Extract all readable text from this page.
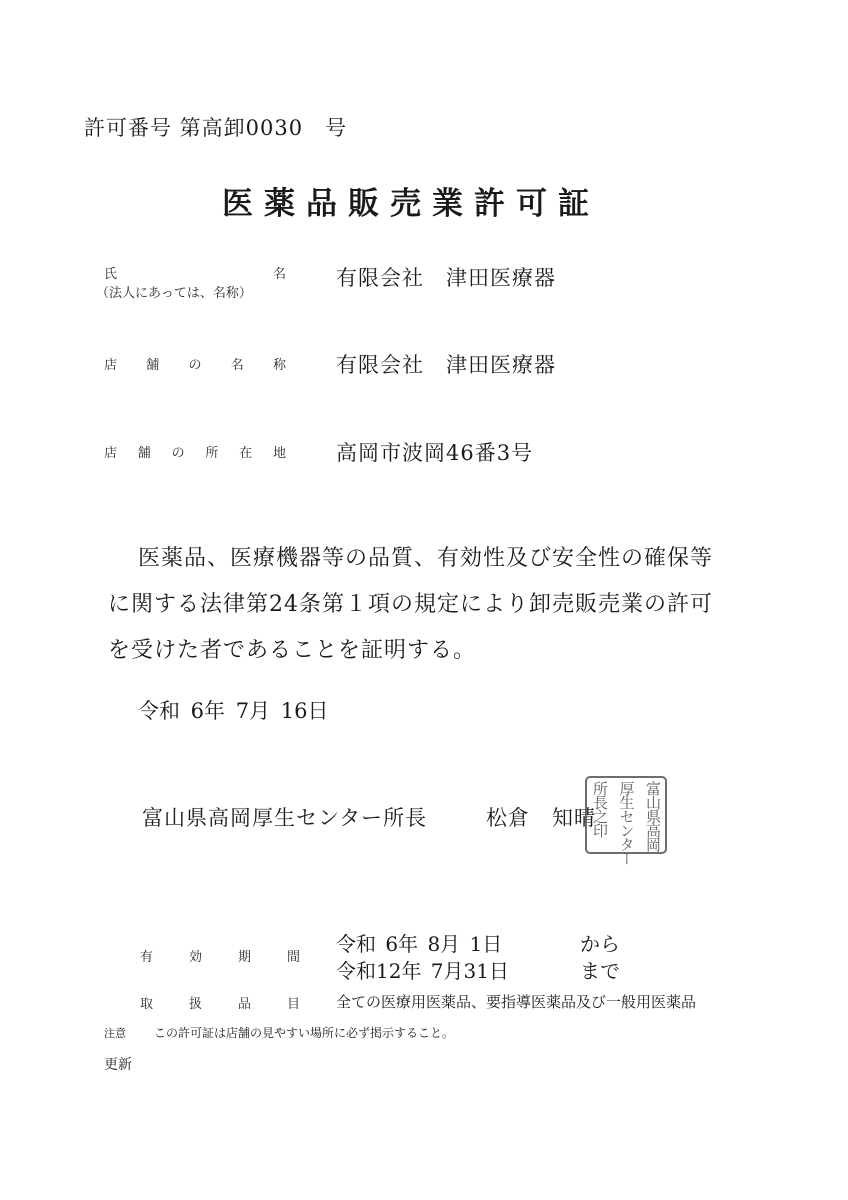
許可番号 第高卸0030　号
医薬品販売業許可証
氏	名
（法人にあっては、名称）
有限会社　津田医療器
店 舗 の 名 称 有限会社　津田医療器
店 舗 の 所 在 地 高岡市波岡46番3号

医薬品、医療機器等の品質、有効性及び安全性の確保等

に関する法律第24条第１項の規定により卸売販売業の許可

を受けた者であることを証明する。

令和 6年 7月 16日
富山県高岡厚生センター所長	松倉　知晴	富山県高岡
厚生センター
所長之印
有	効	期	間
令和 6年 8月 1日	から
令和12年 7月31日	まで
取	扱	品	目 全ての医療用医薬品、要指導医薬品及び一般用医薬品
注意 この許可証は店舗の見やすい場所に必ず掲示すること。
更新
